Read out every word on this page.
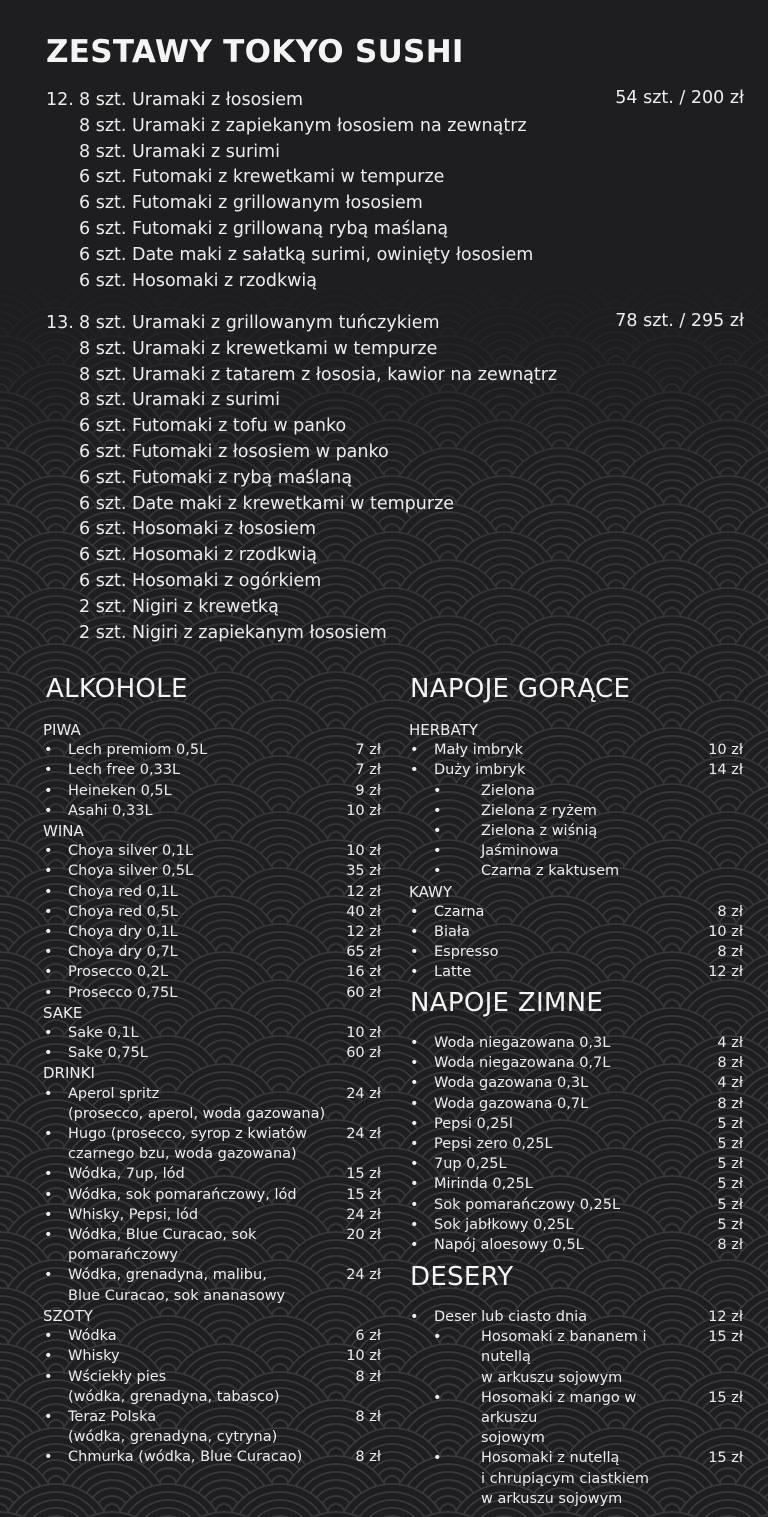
ZESTAWY TOKYO SUSHI
12. 8 szt. Uramaki z łososiem
8 szt. Uramaki z zapiekanym łososiem na zewnątrz
8 szt. Uramaki z surimi
6 szt. Futomaki z krewetkami w tempurze
6 szt. Futomaki z grillowanym łososiem
6 szt. Futomaki z grillowaną rybą maślaną
6 szt. Date maki z sałatką surimi, owinięty łososiem
6 szt. Hosomaki z rzodkwią
54 szt. / 200 zł
13. 8 szt. Uramaki z grillowanym tuńczykiem
8 szt. Uramaki z krewetkami w tempurze
8 szt. Uramaki z tatarem z łososia, kawior na zewnątrz
8 szt. Uramaki z surimi
6 szt. Futomaki z tofu w panko
6 szt. Futomaki z łososiem w panko
6 szt. Futomaki z rybą maślaną
6 szt. Date maki z krewetkami w tempurze
6 szt. Hosomaki z łososiem
6 szt. Hosomaki z rzodkwią
6 szt. Hosomaki z ogórkiem
2 szt. Nigiri z krewetką
2 szt. Nigiri z zapiekanym łososiem
78 szt. / 295 zł
ALKOHOLE
PIWA
•	Lech premiom 0,5L	7 zł
•	Lech free 0,33L	7 zł
•	Heineken 0,5L	9 zł
•	Asahi 0,33L	10 zł
WINA
•	Choya silver 0,1L	10 zł
•	Choya silver 0,5L	35 zł
•	Choya red 0,1L	12 zł
•	Choya red 0,5L	40 zł
•	Choya dry 0,1L	12 zł
•	Choya dry 0,7L	65 zł
•	Prosecco 0,2L	16 zł
•	Prosecco 0,75L	60 zł
SAKE
•	Sake 0,1L	10 zł
•	Sake 0,75L	60 zł
DRINKI
•	Aperol spritz
(prosecco, aperol, woda gazowana)
24 zł
•	Hugo (prosecco, syrop z kwiatów
czarnego bzu, woda gazowana)
24 zł
•	Wódka, 7up, lód	15 zł
•	Wódka, sok pomarańczowy, lód	15 zł
•	Whisky, Pepsi, lód	24 zł
•	Wódka, Blue Curacao, sok
pomarańczowy
20 zł
•	Wódka, grenadyna, malibu,
Blue Curacao, sok ananasowy
24 zł
SZOTY
•	Wódka	6 zł
•	Whisky	10 zł
•	Wściekły pies
(wódka, grenadyna, tabasco)
8 zł
•	Teraz Polska
(wódka, grenadyna, cytryna)
8 zł
•	Chmurka (wódka, Blue Curacao)	8 zł
NAPOJE GORĄCE
HERBATY
•	Mały imbryk	10 zł
•	Duży imbryk	14 zł
•	Zielona
•	Zielona z ryżem
•	Zielona z wiśnią
•	Jaśminowa
•	Czarna z kaktusem
KAWY
•	Czarna	8 zł
•	Biała	10 zł
•	Espresso	8 zł
•	Latte	12 zł
NAPOJE ZIMNE
•	Woda niegazowana 0,3L	4 zł
•	Woda niegazowana 0,7L	8 zł
•	Woda gazowana 0,3L	4 zł
•	Woda gazowana 0,7L	8 zł
•	Pepsi 0,25l	5 zł
•	Pepsi zero 0,25L	5 zł
•	7up 0,25L	5 zł
•	Mirinda 0,25L	5 zł
•	Sok pomarańczowy 0,25L	5 zł
•	Sok jabłkowy 0,25L	5 zł
•	Napój aloesowy 0,5L	8 zł
DESERY
•	Deser lub ciasto dnia	12 zł
•	Hosomaki z bananem i nutellą
w arkuszu sojowym
15 zł
•	Hosomaki z mango w arkuszu
sojowym
15 zł
•	Hosomaki z nutellą
i chrupiącym ciastkiem
w arkuszu sojowym
15 zł
